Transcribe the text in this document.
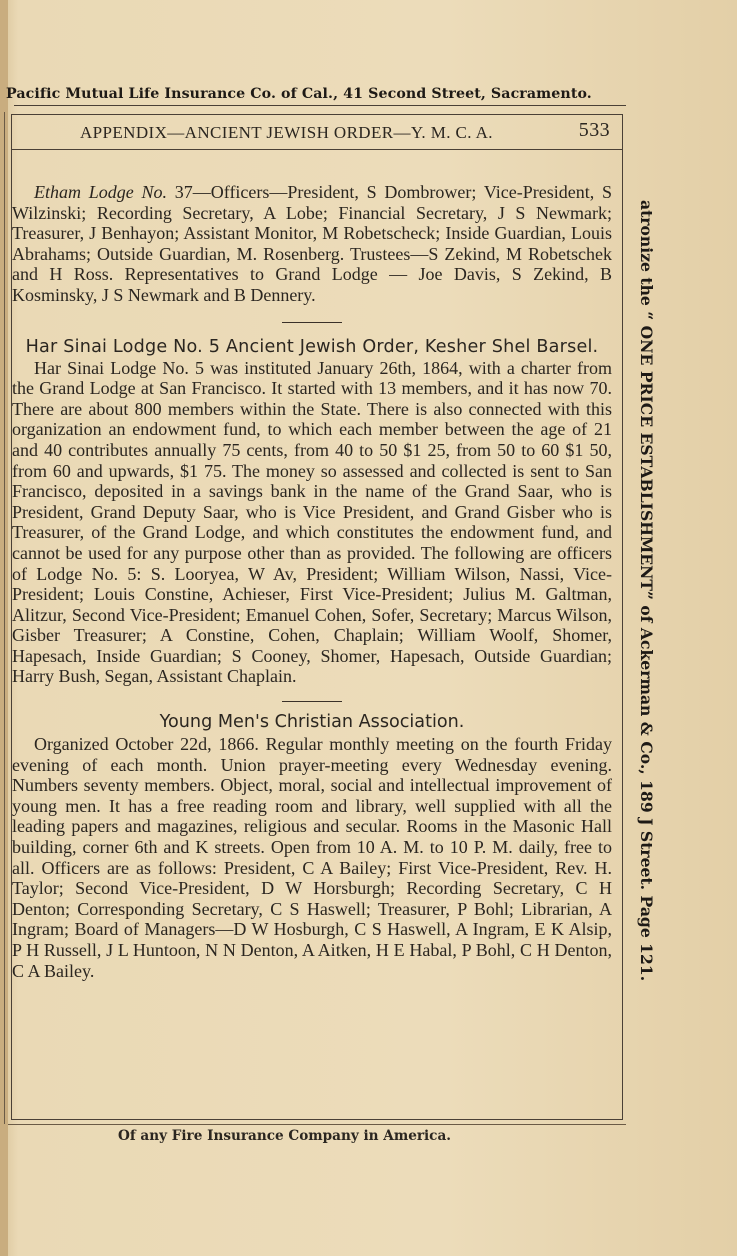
Pacific Mutual Life Insurance Co. of Cal., 41 Second Street, Sacramento.
APPENDIX—ANCIENT JEWISH ORDER—Y. M. C. A.	533

Etham Lodge No. 37—Officers—President, S Dombrower; Vice-President, S Wilzinski; Recording Secretary, A Lobe; Financial Secretary, J S Newmark; Treasurer, J Benhayon; Assistant Monitor, M Robetscheck; Inside Guardian, Louis Abrahams; Outside Guardian, M. Rosenberg. Trustees—S Zekind, M Robetschek and H Ross. Representatives to Grand Lodge — Joe Davis, S Zekind, B Kosminsky, J S Newmark and B Dennery.

Har Sinai Lodge No. 5 Ancient Jewish Order, Kesher Shel Barsel.

Har Sinai Lodge No. 5 was instituted January 26th, 1864, with a charter from the Grand Lodge at San Francisco. It started with 13 members, and it has now 70. There are about 800 members within the State. There is also connected with this organization an endowment fund, to which each member between the age of 21 and 40 contributes annually 75 cents, from 40 to 50 $1 25, from 50 to 60 $1 50, from 60 and upwards, $1 75. The money so assessed and collected is sent to San Francisco, deposited in a savings bank in the name of the Grand Saar, who is President, Grand Deputy Saar, who is Vice President, and Grand Gisber who is Treasurer, of the Grand Lodge, and which constitutes the endowment fund, and cannot be used for any purpose other than as provided. The following are officers of Lodge No. 5: S. Looryea, W Av, President; William Wilson, Nassi, Vice-President; Louis Constine, Achieser, First Vice-President; Julius M. Galtman, Alitzur, Second Vice-President; Emanuel Cohen, Sofer, Secretary; Marcus Wilson, Gisber Treasurer; A Constine, Cohen, Chaplain; William Woolf, Shomer, Hapesach, Inside Guardian; S Cooney, Shomer, Hapesach, Outside Guardian; Harry Bush, Segan, Assistant Chaplain.

Young Men's Christian Association.

Organized October 22d, 1866. Regular monthly meeting on the fourth Friday evening of each month. Union prayer-meeting every Wednesday evening. Numbers seventy members. Object, moral, social and intellectual improvement of young men. It has a free reading room and library, well supplied with all the leading papers and magazines, religious and secular. Rooms in the Masonic Hall building, corner 6th and K streets. Open from 10 A. M. to 10 P. M. daily, free to all. Officers are as follows: President, C A Bailey; First Vice-President, Rev. H. Taylor; Second Vice-President, D W Horsburgh; Recording Secretary, C H Denton; Corresponding Secretary, C S Haswell; Treasurer, P Bohl; Librarian, A Ingram; Board of Managers—D W Hosburgh, C S Haswell, A Ingram, E K Alsip, P H Russell, J L Huntoon, N N Denton, A Aitken, H E Habal, P Bohl, C H Denton, C A Bailey.

Of any Fire Insurance Company in America.
atronize the “ ONE PRICE ESTABLISHMENT” of Ackerman & Co., 189 J Street. Page 121.
